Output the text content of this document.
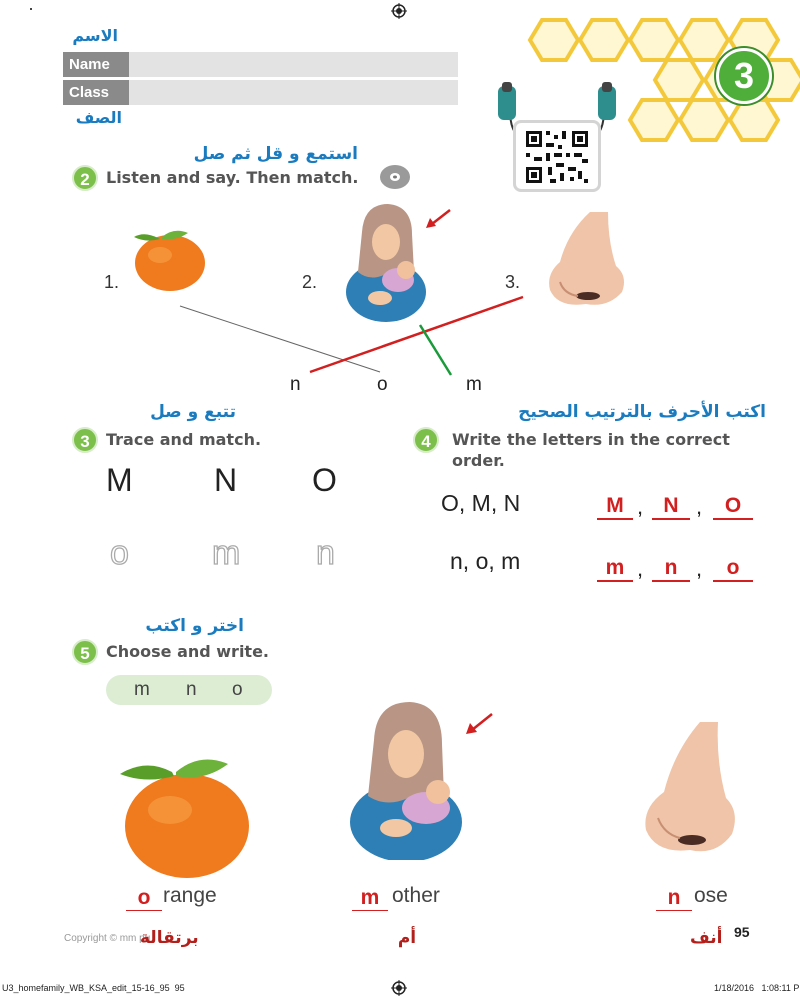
3
الاسم
Name
Class
الصف
استمع و قل ثم صل
2	Listen and say. Then match.
1.	2.	3.
n	o	m
تتبع و صل
3	Trace and match.
M	N O
o m n
اكتب الأحرف بالترتيب الصحيح
4	Write the letters in the correct
order.
O, M, N	M , N ,	O
n, o, m	m ,	n ,	o
اختر و اكتب
5	Choose and write.
m n o
o range	m other	n ose
Copyright © mm pu
برتقالة	أم	أنف 95
U3_homefamily_WB_KSA_edit_15-16_95  95	1/18/2016   1:08:11 P
